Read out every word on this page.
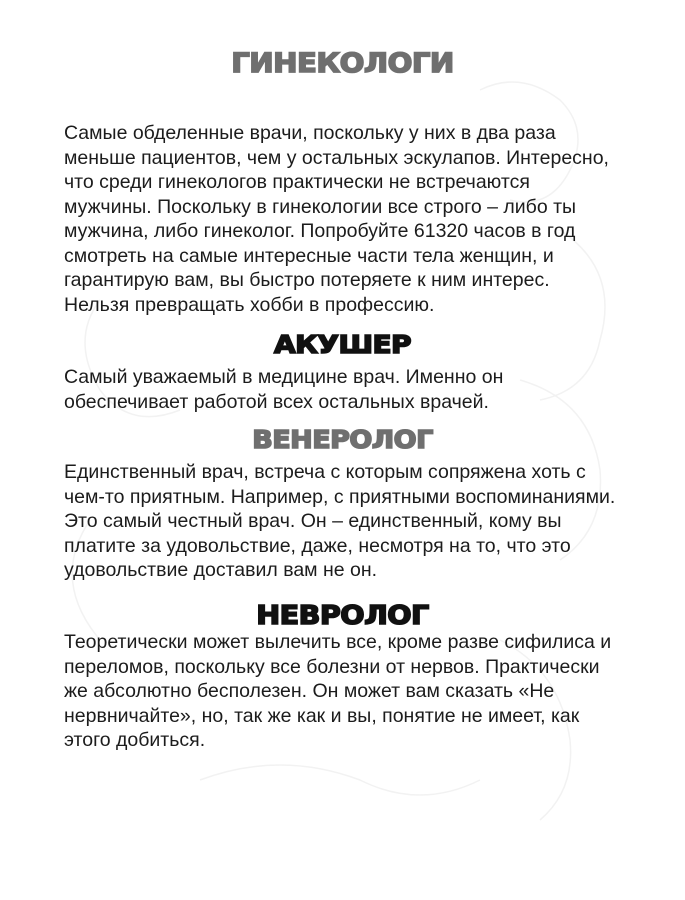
ГИНЕКОЛОГИ

Самые обделенные врачи, поскольку у них в два раза
меньше пациентов, чем у остальных эскулапов. Интересно,
что среди гинекологов практически не встречаются
мужчины. Поскольку в гинекологии все строго – либо ты
мужчина, либо гинеколог. Попробуйте 61320 часов в год
смотреть на самые интересные части тела женщин, и
гарантирую вам, вы быстро потеряете к ним интерес.
Нельзя превращать хобби в профессию.

АКУШЕР

Самый уважаемый в медицине врач. Именно он
обеспечивает работой всех остальных врачей.

ВЕНЕРОЛОГ

Единственный врач, встреча с которым сопряжена хоть с
чем-то приятным. Например, с приятными воспоминаниями.
Это самый честный врач. Он – единственный, кому вы
платите за удовольствие, даже, несмотря на то, что это
удовольствие доставил вам не он.

НЕВРОЛОГ

Теоретически может вылечить все, кроме разве сифилиса и
переломов, поскольку все болезни от нервов. Практически
же абсолютно бесполезен. Он может вам сказать «Не
нервничайте», но, так же как и вы, понятие не имеет, как
этого добиться.
